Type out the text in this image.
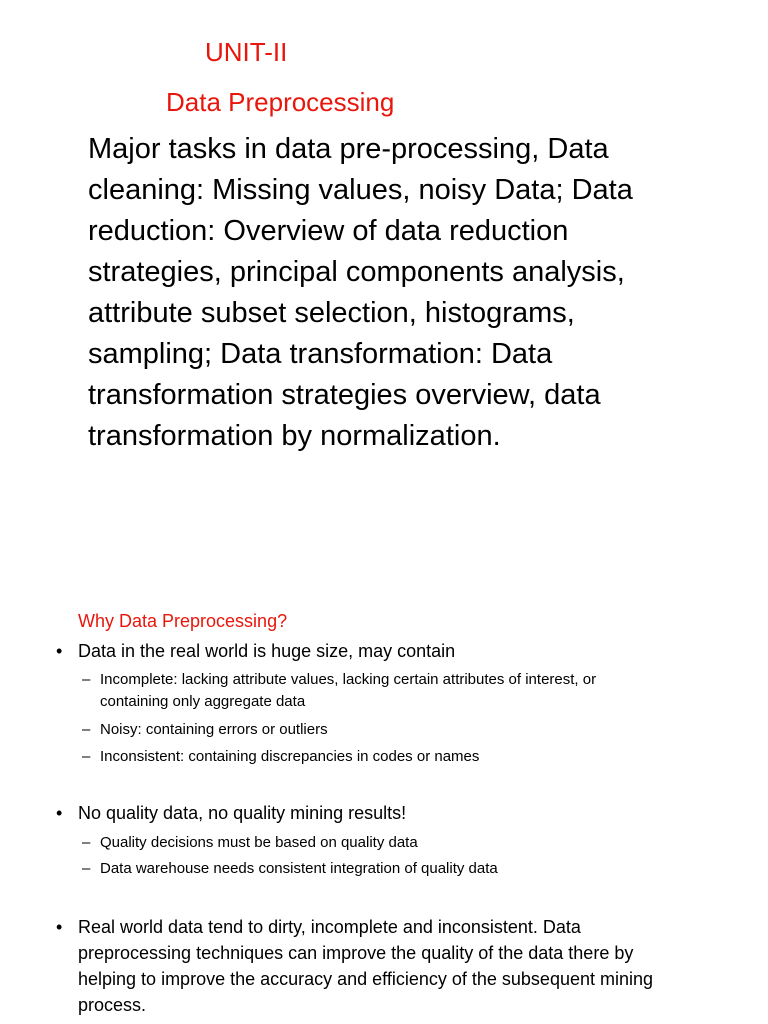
UNIT-II
Data Preprocessing
Major tasks in data pre-processing, Data
cleaning: Missing values, noisy Data; Data
reduction: Overview of data reduction
strategies, principal components analysis,
attribute subset selection, histograms,
sampling; Data transformation: Data
transformation strategies overview, data
transformation by normalization.
Why Data Preprocessing?
• Data in the real world is huge size, may contain
– Incomplete: lacking attribute values, lacking certain attributes of interest, or
containing only aggregate data
– Noisy: containing errors or outliers
– Inconsistent: containing discrepancies in codes or names
• No quality data, no quality mining results!
– Quality decisions must be based on quality data
– Data warehouse needs consistent integration of quality data
• Real world data tend to dirty, incomplete and inconsistent. Data
preprocessing techniques can improve the quality of the data there by
helping to improve the accuracy and efficiency of the subsequent mining
process.
